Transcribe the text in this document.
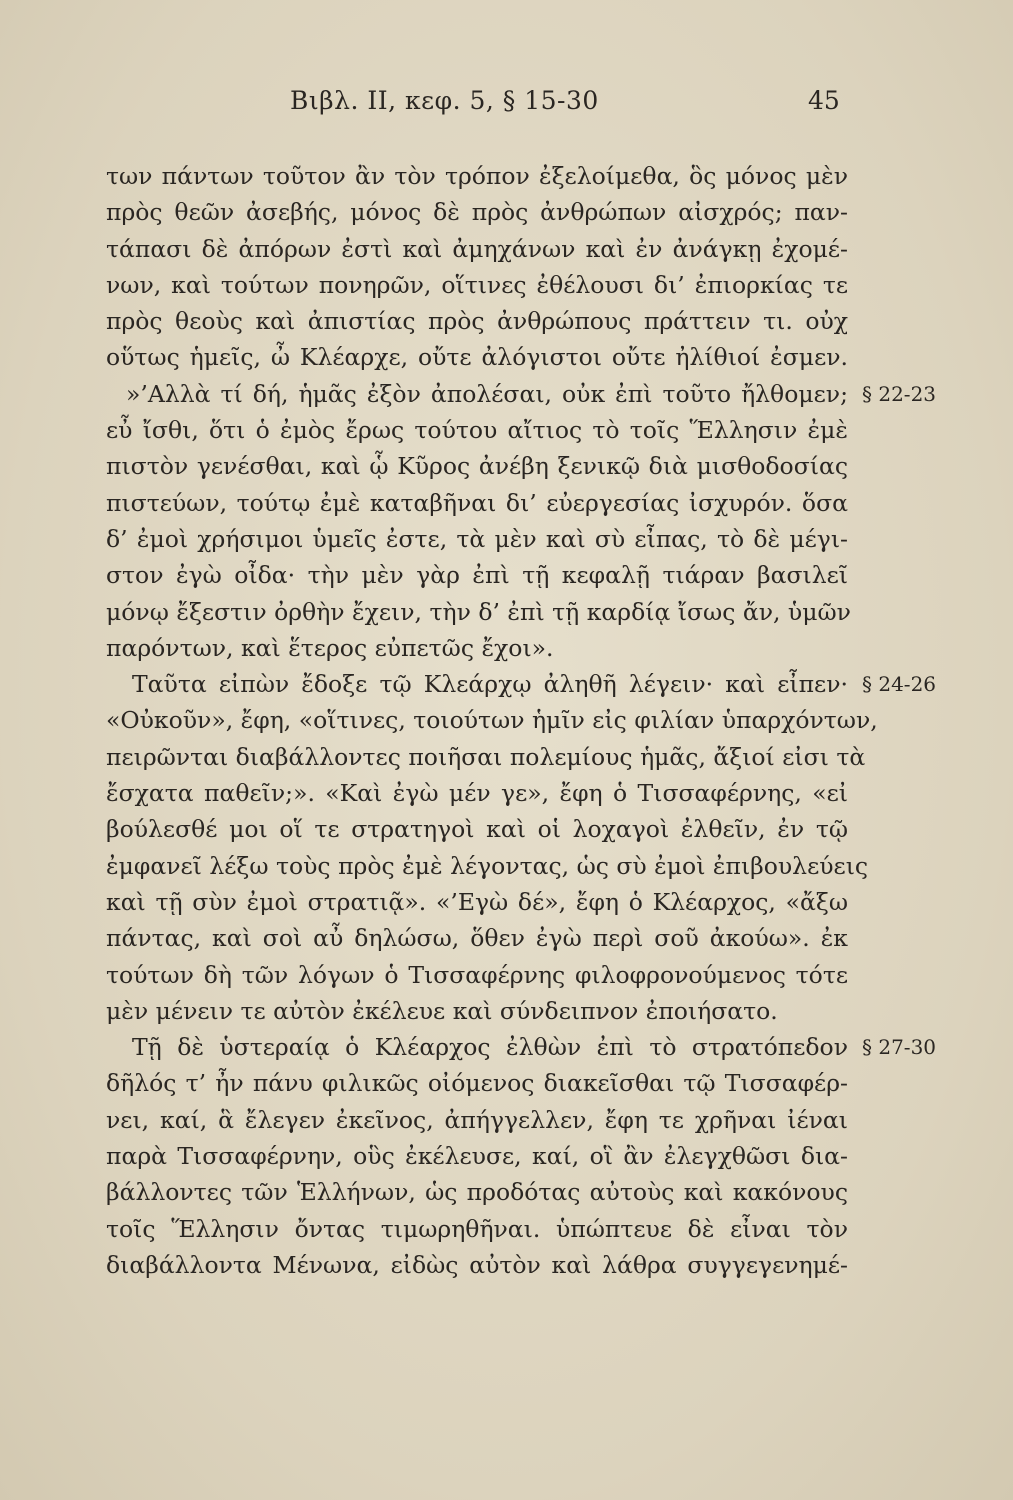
Βιβλ. II, κεφ. 5, § 15-30	45
των πάντων τοῦτον ἂν τὸν τρόπον ἐξελοίμεθα, ὃς μόνος μὲν
πρὸς θεῶν ἀσεβής, μόνος δὲ πρὸς ἀνθρώπων αἰσχρός; παν-
τάπασι δὲ ἀπόρων ἐστὶ καὶ ἀμηχάνων καὶ ἐν ἀνάγκῃ ἐχομέ-
νων, καὶ τούτων πονηρῶν, οἵτινες ἐθέλουσι δι’ ἐπιορκίας τε
πρὸς θεοὺς καὶ ἀπιστίας πρὸς ἀνθρώπους πράττειν τι. οὐχ
οὕτως ἡμεῖς, ὦ Κλέαρχε, οὔτε ἀλόγιστοι οὔτε ἠλίθιοί ἐσμεν.
»’Αλλὰ τί δή, ἡμᾶς ἐξὸν ἀπολέσαι, οὐκ ἐπὶ τοῦτο ἤλθομεν; § 22-23
εὖ ἴσθι, ὅτι ὁ ἐμὸς ἔρως τούτου αἴτιος τὸ τοῖς Ἕλλησιν ἐμὲ
πιστὸν γενέσθαι, καὶ ᾧ Κῦρος ἀνέβη ξενικῷ διὰ μισθοδοσίας
πιστεύων, τούτῳ ἐμὲ καταβῆναι δι’ εὐεργεσίας ἰσχυρόν. ὅσα
δ’ ἐμοὶ χρήσιμοι ὑμεῖς ἐστε, τὰ μὲν καὶ σὺ εἶπας, τὸ δὲ μέγι-
στον ἐγὼ οἶδα· τὴν μὲν γὰρ ἐπὶ τῇ κεφαλῇ τιάραν βασιλεῖ
μόνῳ ἔξεστιν ὀρθὴν ἔχειν, τὴν δ’ ἐπὶ τῇ καρδίᾳ ἴσως ἄν, ὑμῶν
παρόντων, καὶ ἕτερος εὐπετῶς ἔχοι».
Ταῦτα εἰπὼν ἔδοξε τῷ Κλεάρχῳ ἀληθῆ λέγειν· καὶ εἶπεν· § 24-26
«Οὐκοῦν», ἔφη, «οἵτινες, τοιούτων ἡμῖν εἰς φιλίαν ὑπαρχόντων,
πειρῶνται διαβάλλοντες ποιῆσαι πολεμίους ἡμᾶς, ἄξιοί εἰσι τὰ
ἔσχατα παθεῖν;». «Καὶ ἐγὼ μέν γε», ἔφη ὁ Τισσαφέρνης, «εἰ
βούλεσθέ μοι οἵ τε στρατηγοὶ καὶ οἱ λοχαγοὶ ἐλθεῖν, ἐν τῷ
ἐμφανεῖ λέξω τοὺς πρὸς ἐμὲ λέγοντας, ὡς σὺ ἐμοὶ ἐπιβουλεύεις
καὶ τῇ σὺν ἐμοὶ στρατιᾷ». «’Εγὼ δέ», ἔφη ὁ Κλέαρχος, «ἄξω
πάντας, καὶ σοὶ αὖ δηλώσω, ὅθεν ἐγὼ περὶ σοῦ ἀκούω». ἐκ
τούτων δὴ τῶν λόγων ὁ Τισσαφέρνης φιλοφρονούμενος τότε
μὲν μένειν τε αὐτὸν ἐκέλευε καὶ σύνδειπνον ἐποιήσατο.
Τῇ δὲ ὑστεραίᾳ ὁ Κλέαρχος ἐλθὼν ἐπὶ τὸ στρατόπεδον § 27-30
δῆλός τ’ ἦν πάνυ φιλικῶς οἰόμενος διακεῖσθαι τῷ Τισσαφέρ-
νει, καί, ἃ ἔλεγεν ἐκεῖνος, ἀπήγγελλεν, ἔφη τε χρῆναι ἰέναι
παρὰ Τισσαφέρνην, οὓς ἐκέλευσε, καί, οἳ ἂν ἐλεγχθῶσι δια-
βάλλοντες τῶν Ἑλλήνων, ὡς προδότας αὐτοὺς καὶ κακόνους
τοῖς Ἕλλησιν ὄντας τιμωρηθῆναι. ὑπώπτευε δὲ εἶναι τὸν
διαβάλλοντα Μένωνα, εἰδὼς αὐτὸν καὶ λάθρα συγγεγενημέ-
